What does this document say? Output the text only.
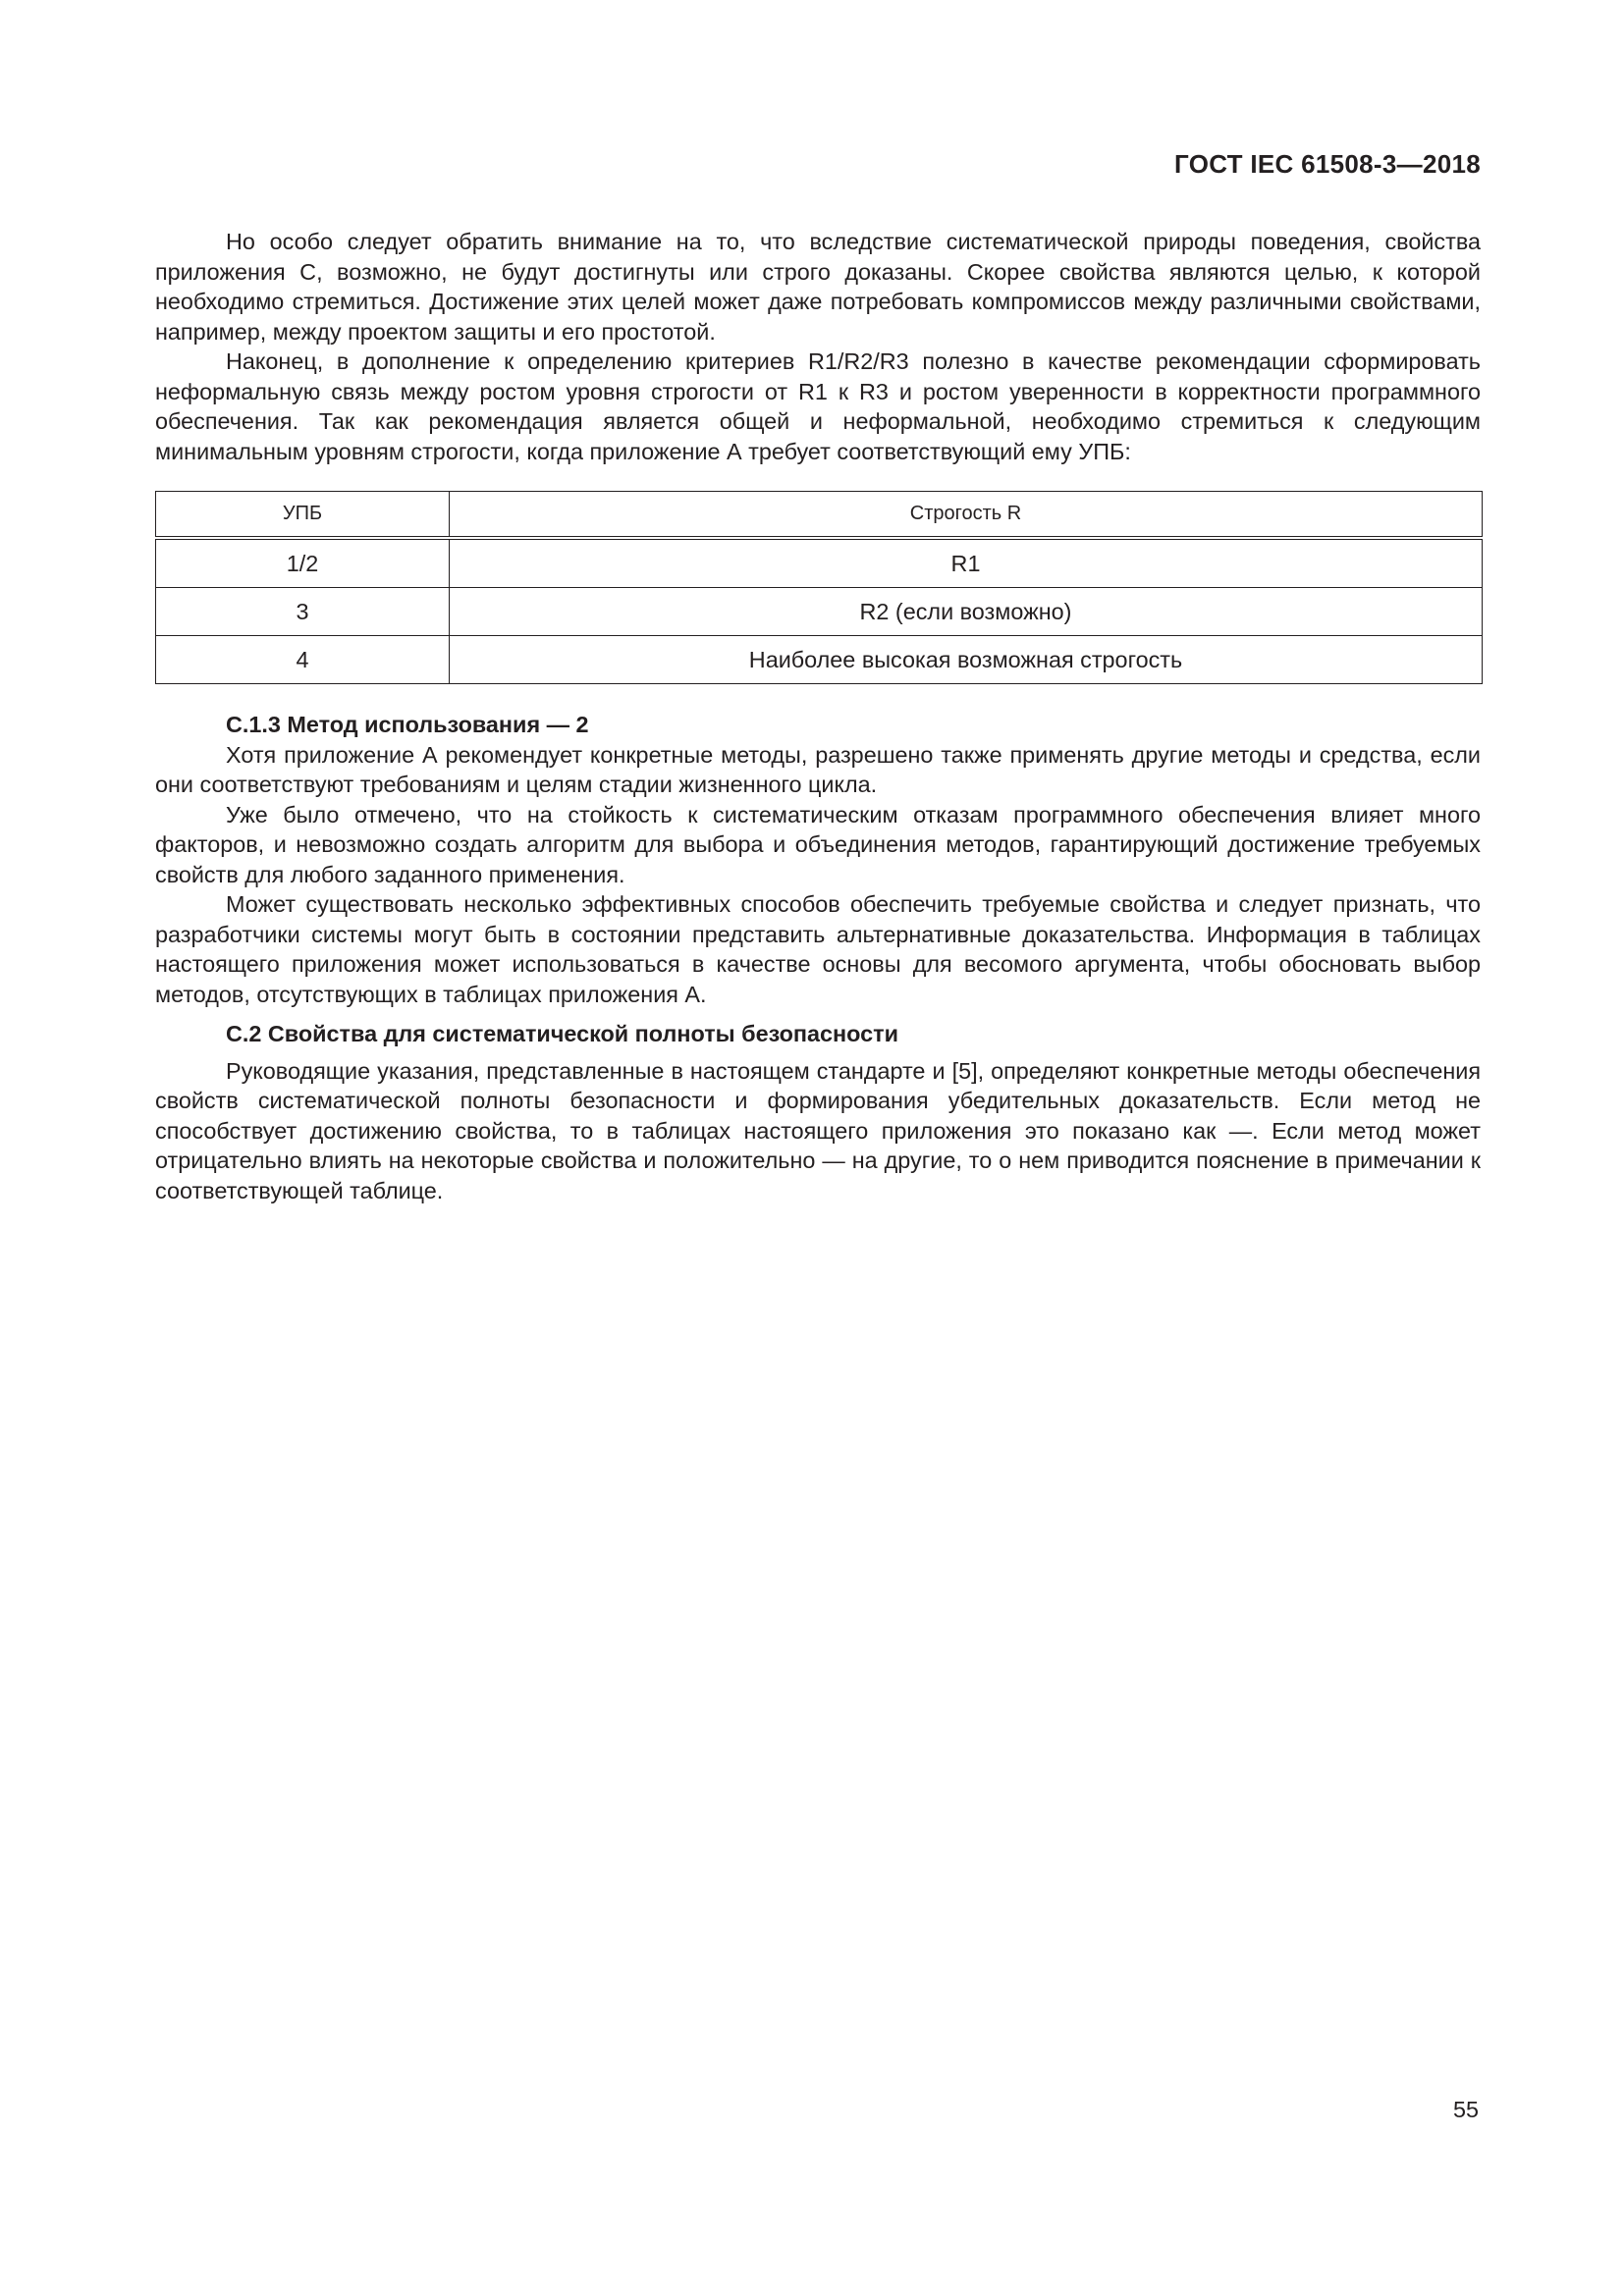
ГОСТ IEC 61508-3—2018

Но особо следует обратить внимание на то, что вследствие систематической природы поведения, свойства приложения С, возможно, не будут достигнуты или строго доказаны. Скорее свойства являются целью, к которой необходимо стремиться. Достижение этих целей может даже потребовать компромиссов между различными свойствами, например, между проектом защиты и его простотой.

Наконец, в дополнение к определению критериев R1/R2/R3 полезно в качестве рекомендации сформировать неформальную связь между ростом уровня строгости от R1 к R3 и ростом уверенности в корректности программного обеспечения. Так как рекомендация является общей и неформальной, необходимо стремиться к следующим минимальным уровням строгости, когда приложение А требует соответствующий ему УПБ:

УПБ	Строгость R
1/2	R1
3	R2 (если возможно)
4	Наиболее высокая возможная строгость
С.1.3 Метод использования — 2

Хотя приложение А рекомендует конкретные методы, разрешено также применять другие методы и средства, если они соответствуют требованиям и целям стадии жизненного цикла.

Уже было отмечено, что на стойкость к систематическим отказам программного обеспечения влияет много факторов, и невозможно создать алгоритм для выбора и объединения методов, гарантирующий достижение требуемых свойств для любого заданного применения.

Может существовать несколько эффективных способов обеспечить требуемые свойства и следует признать, что разработчики системы могут быть в состоянии представить альтернативные доказательства. Информация в таблицах настоящего приложения может использоваться в качестве основы для весомого аргумента, чтобы обосновать выбор методов, отсутствующих в таблицах приложения А.

С.2 Свойства для систематической полноты безопасности

Руководящие указания, представленные в настоящем стандарте и [5], определяют конкретные методы обеспечения свойств систематической полноты безопасности и формирования убедительных доказательств. Если метод не способствует достижению свойства, то в таблицах настоящего приложения это показано как —. Если метод может отрицательно влиять на некоторые свойства и положительно — на другие, то о нем приводится пояснение в примечании к соответствующей таблице.

55
